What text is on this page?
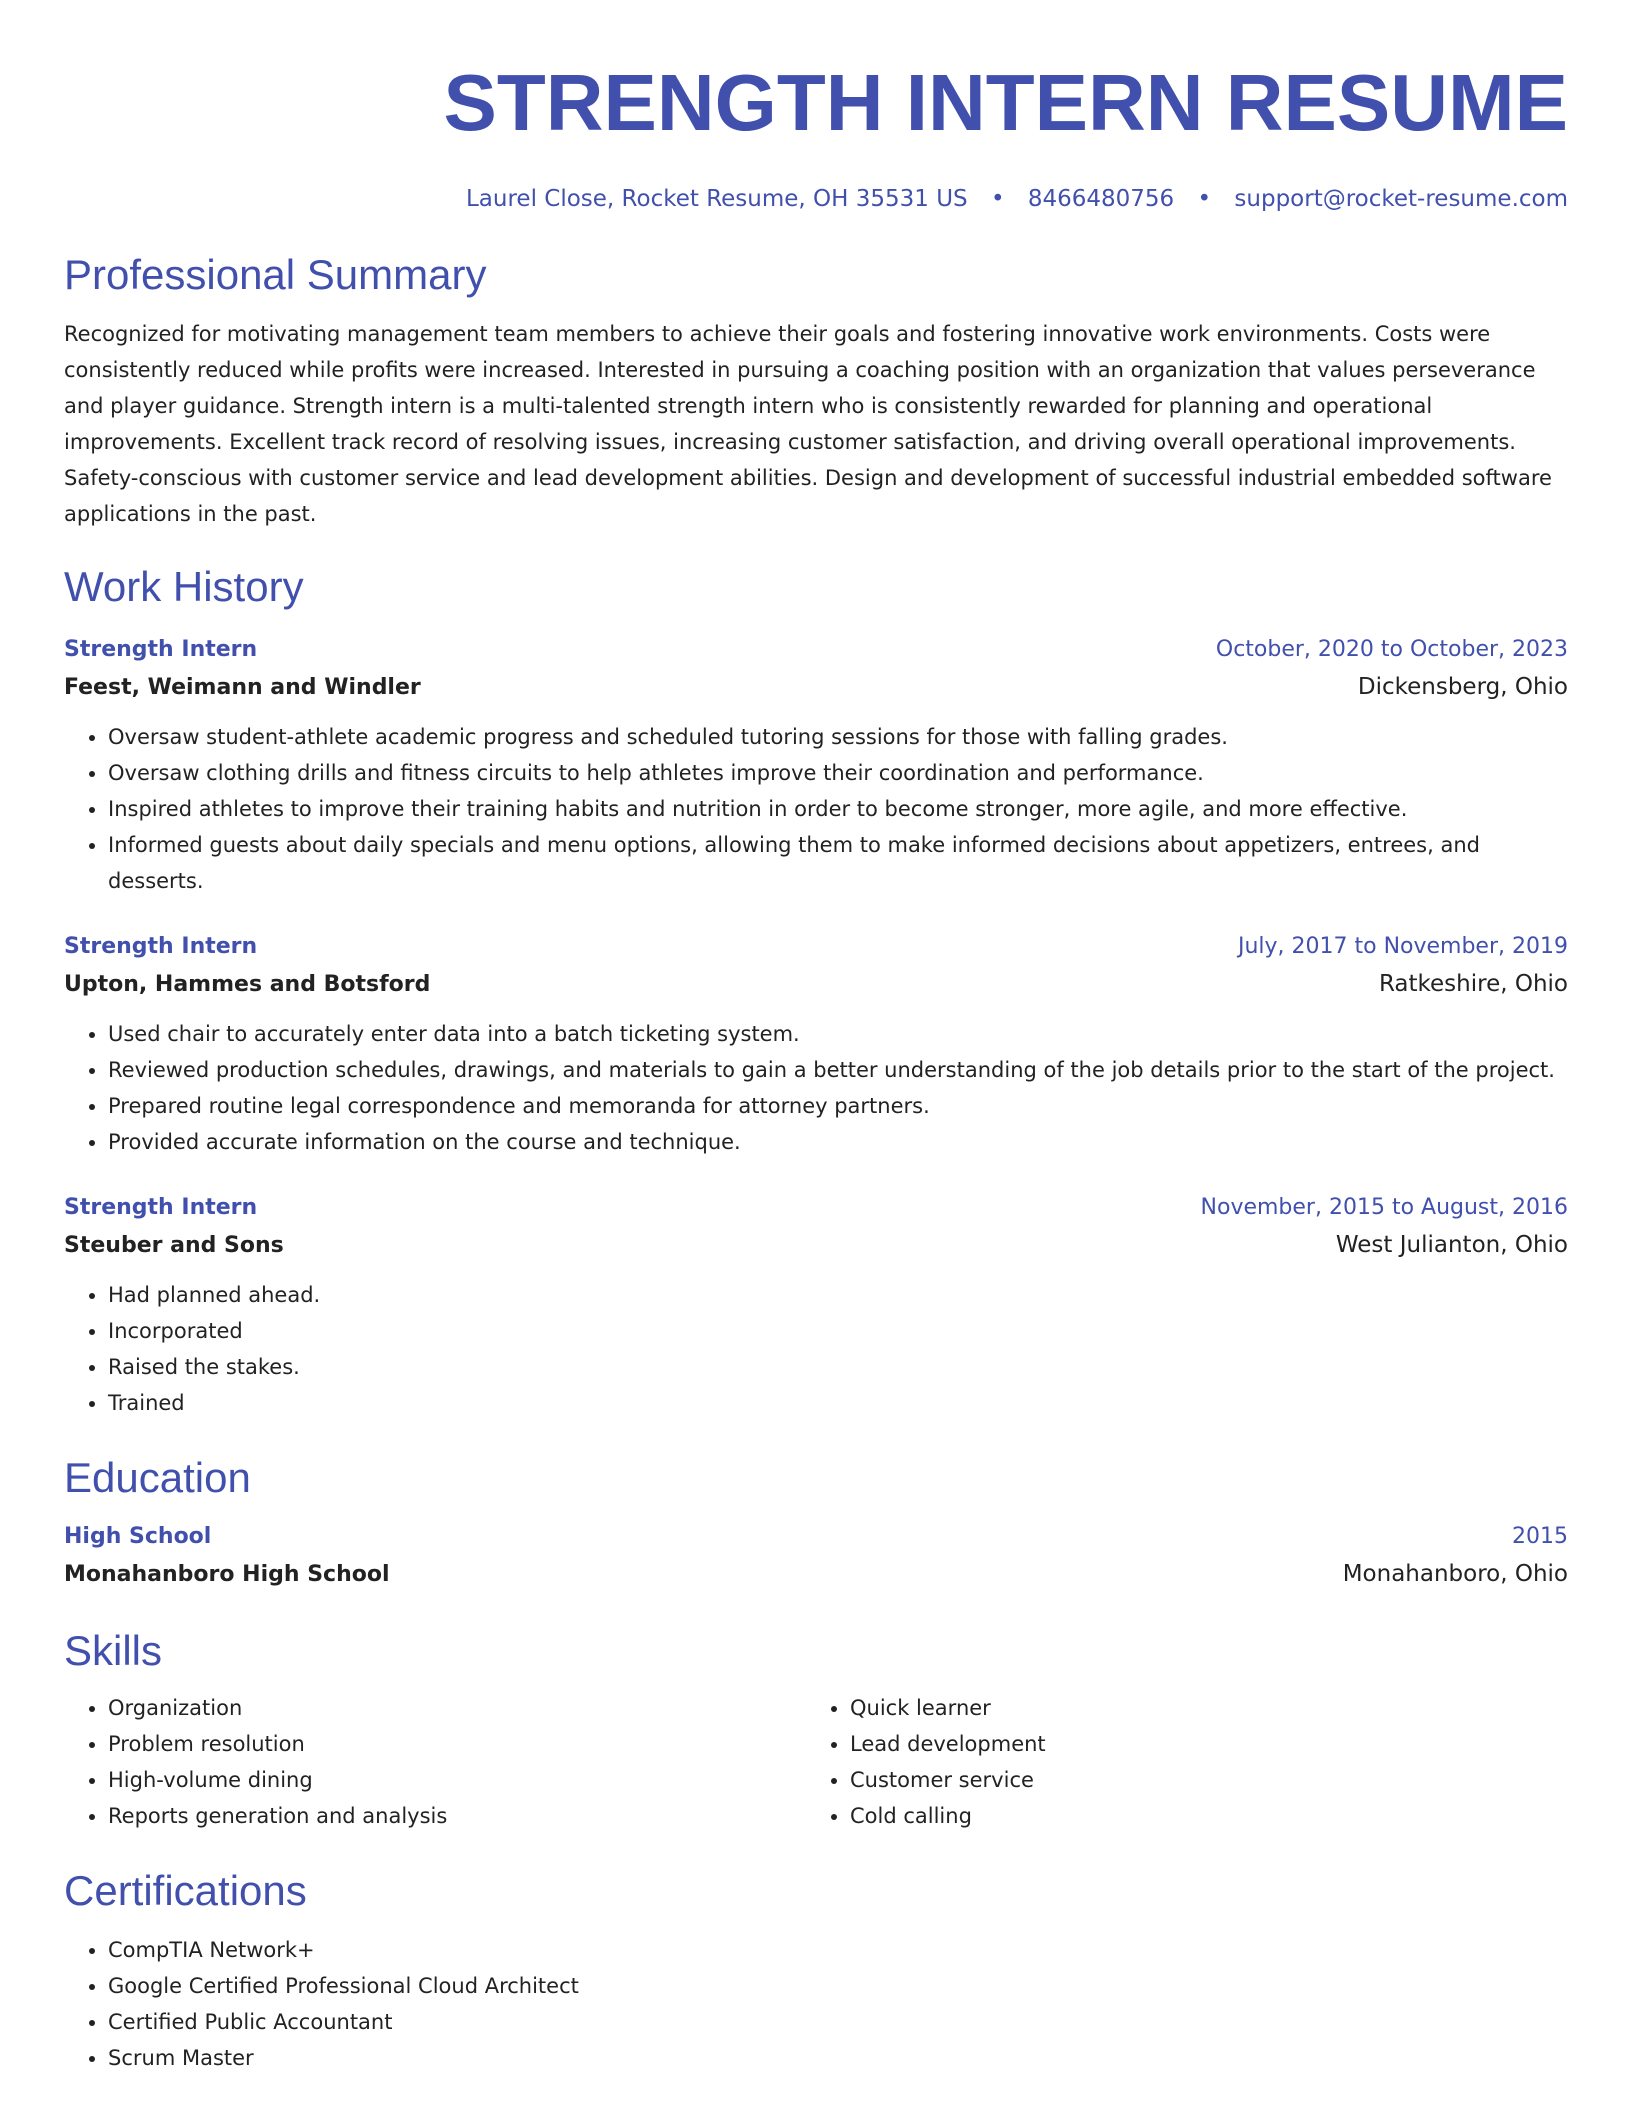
STRENGTH INTERN RESUME
Laurel Close, Rocket Resume, OH 35531 US • 8466480756 • support@rocket-resume.com
Professional Summary
Recognized for motivating management team members to achieve their goals and fostering innovative work environments. Costs were consistently reduced while profits were increased. Interested in pursuing a coaching position with an organization that values perseverance and player guidance. Strength intern is a multi-talented strength intern who is consistently rewarded for planning and operational improvements. Excellent track record of resolving issues, increasing customer satisfaction, and driving overall operational improvements. Safety-conscious with customer service and lead development abilities. Design and development of successful industrial embedded software applications in the past.
Work History
Strength Intern	October, 2020 to October, 2023
Feest, Weimann and Windler	Dickensberg, Ohio
• Oversaw student-athlete academic progress and scheduled tutoring sessions for those with falling grades.
• Oversaw clothing drills and fitness circuits to help athletes improve their coordination and performance.
• Inspired athletes to improve their training habits and nutrition in order to become stronger, more agile, and more effective.
• Informed guests about daily specials and menu options, allowing them to make informed decisions about appetizers, entrees, and desserts.
Strength Intern	July, 2017 to November, 2019
Upton, Hammes and Botsford	Ratkeshire, Ohio
• Used chair to accurately enter data into a batch ticketing system.
• Reviewed production schedules, drawings, and materials to gain a better understanding of the job details prior to the start of the project.
• Prepared routine legal correspondence and memoranda for attorney partners.
• Provided accurate information on the course and technique.
Strength Intern	November, 2015 to August, 2016
Steuber and Sons	West Julianton, Ohio
• Had planned ahead.
• Incorporated
• Raised the stakes.
• Trained
Education
High School	2015
Monahanboro High School	Monahanboro, Ohio
Skills
• Organization
• Problem resolution
• High-volume dining
• Reports generation and analysis
• Quick learner
• Lead development
• Customer service
• Cold calling
Certifications
• CompTIA Network+
• Google Certified Professional Cloud Architect
• Certified Public Accountant
• Scrum Master
